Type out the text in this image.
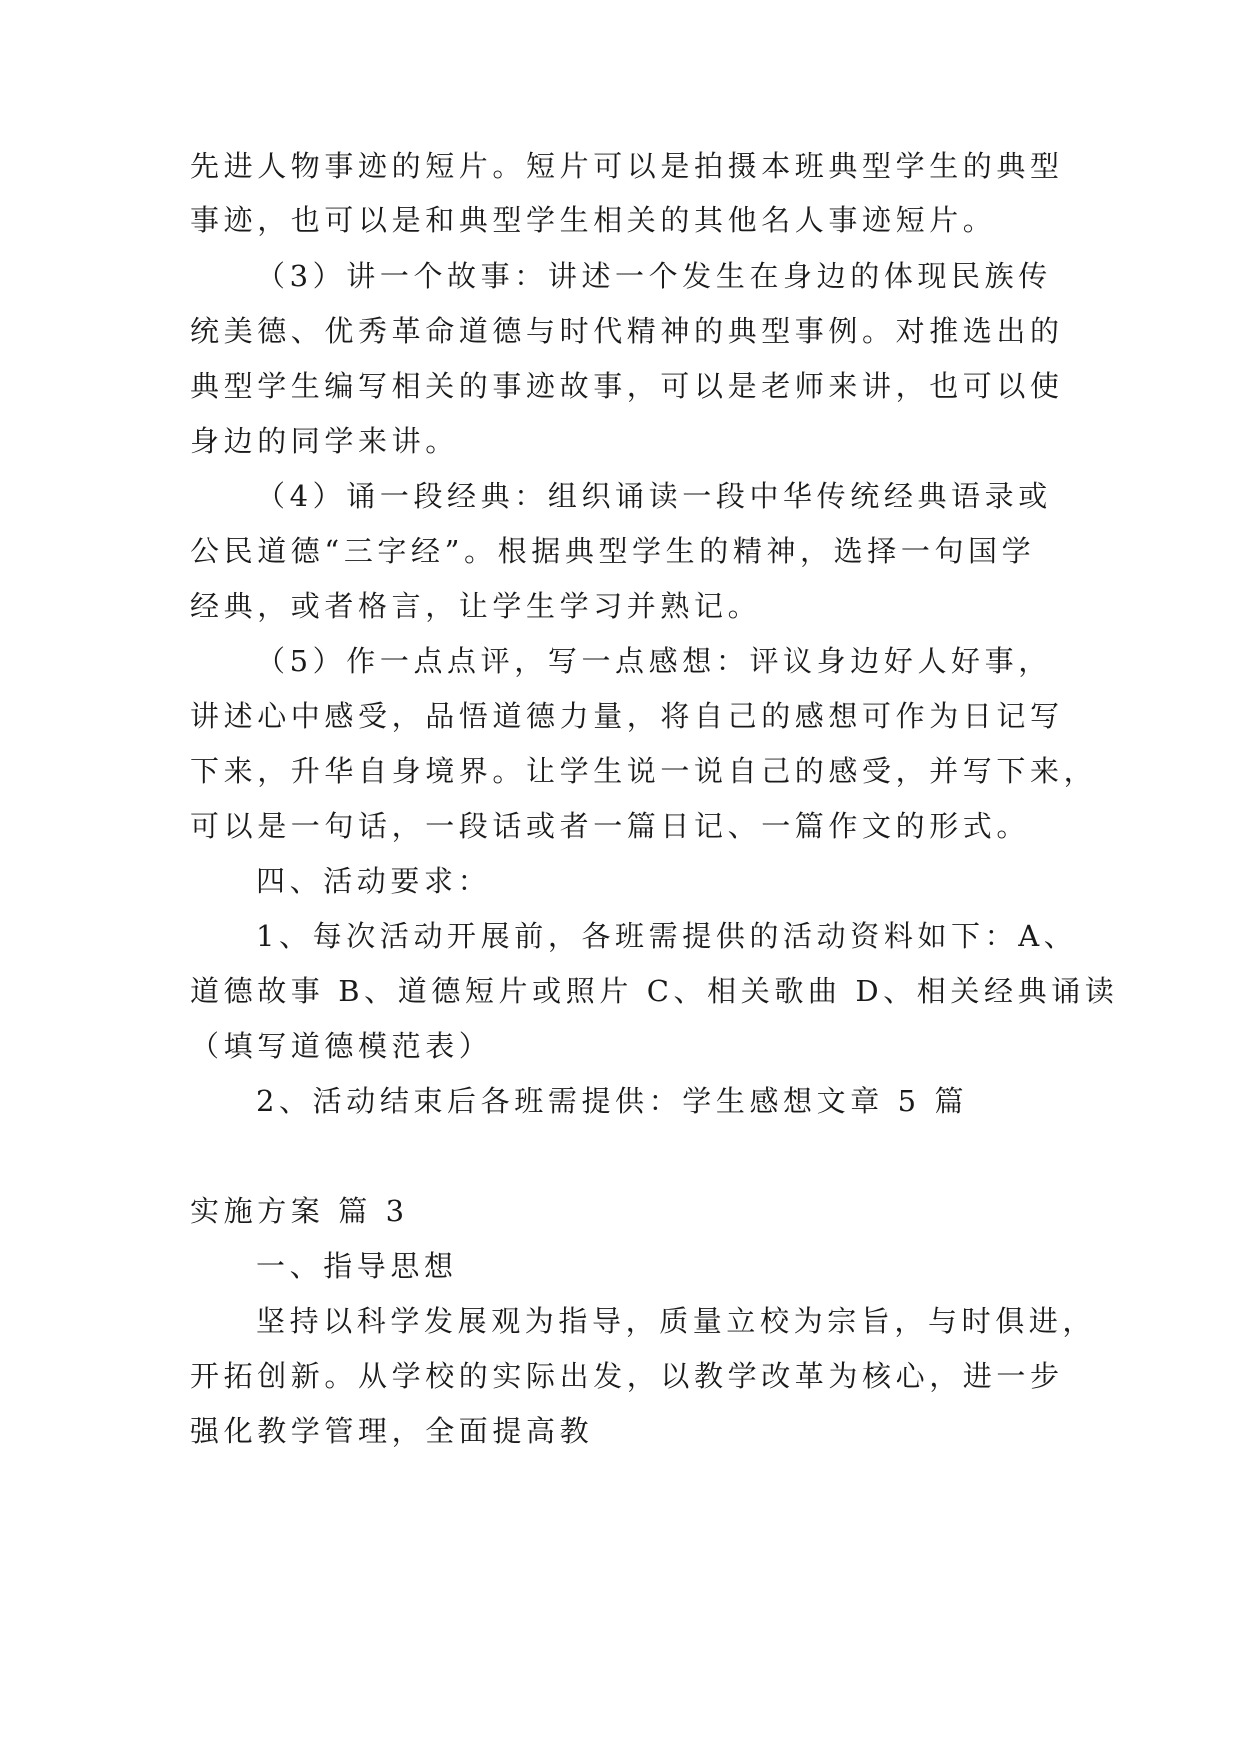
先进人物事迹的短片。短片可以是拍摄本班典型学生的典型
事迹，也可以是和典型学生相关的其他名人事迹短片。
（3）讲一个故事：讲述一个发生在身边的体现民族传
统美德、优秀革命道德与时代精神的典型事例。对推选出的
典型学生编写相关的事迹故事，可以是老师来讲，也可以使
身边的同学来讲。
（4）诵一段经典：组织诵读一段中华传统经典语录或
公民道德“三字经”。根据典型学生的精神，选择一句国学
经典，或者格言，让学生学习并熟记。
（5）作一点点评，写一点感想：评议身边好人好事，
讲述心中感受，品悟道德力量，将自己的感想可作为日记写
下来，升华自身境界。让学生说一说自己的感受，并写下来，
可以是一句话，一段话或者一篇日记、一篇作文的形式。
四、活动要求：
1、每次活动开展前，各班需提供的活动资料如下：A、
道德故事 B、道德短片或照片 C、相关歌曲 D、相关经典诵读
（填写道德模范表）
2、活动结束后各班需提供：学生感想文章 5 篇
实施方案 篇 3
一、指导思想
坚持以科学发展观为指导，质量立校为宗旨，与时俱进，
开拓创新。从学校的实际出发，以教学改革为核心，进一步
强化教学管理，全面提高教
